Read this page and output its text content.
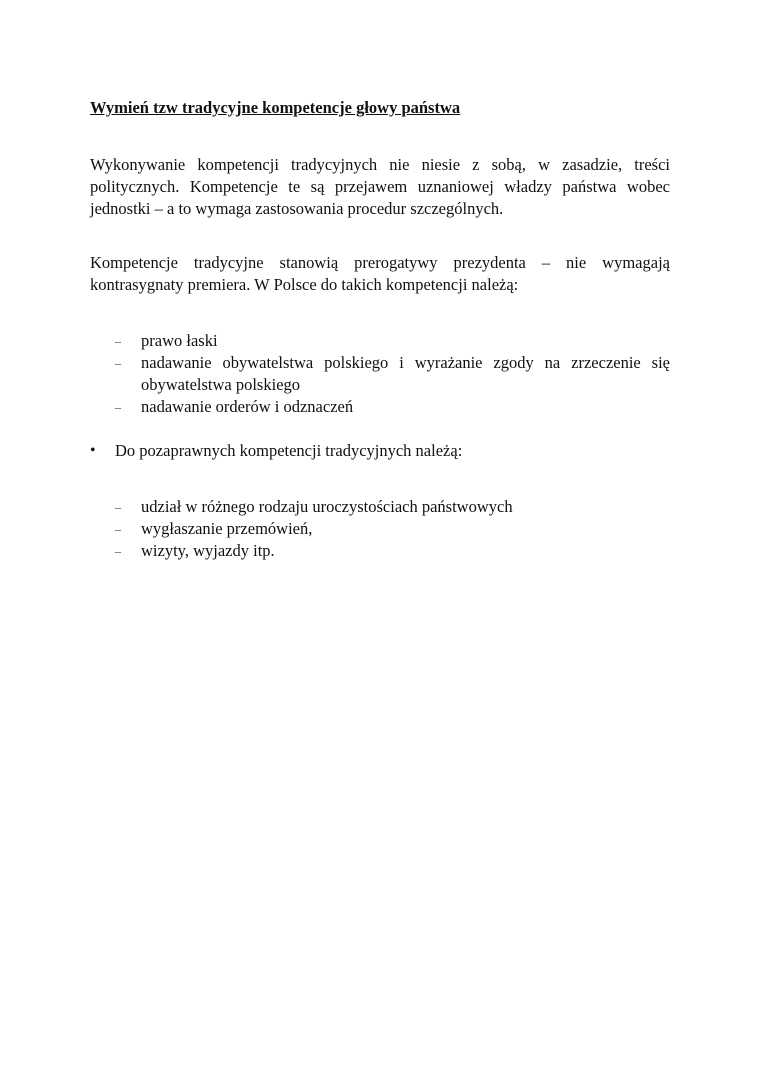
Wymień tzw tradycyjne kompetencje głowy państwa
Wykonywanie kompetencji tradycyjnych nie niesie z sobą, w zasadzie, treści
politycznych. Kompetencje te są przejawem uznaniowej władzy państwa wobec
jednostki – a to wymaga zastosowania procedur szczególnych.
Kompetencje tradycyjne stanowią prerogatywy prezydenta – nie wymagają
kontrasygnaty premiera. W Polsce do takich kompetencji należą:
– prawo łaski
– nadawanie obywatelstwa polskiego i wyrażanie zgody na zrzeczenie się
obywatelstwa polskiego
– nadawanie orderów i odznaczeń
• Do pozaprawnych kompetencji tradycyjnych należą:
– udział w różnego rodzaju uroczystościach państwowych
– wygłaszanie przemówień,
– wizyty, wyjazdy itp.
